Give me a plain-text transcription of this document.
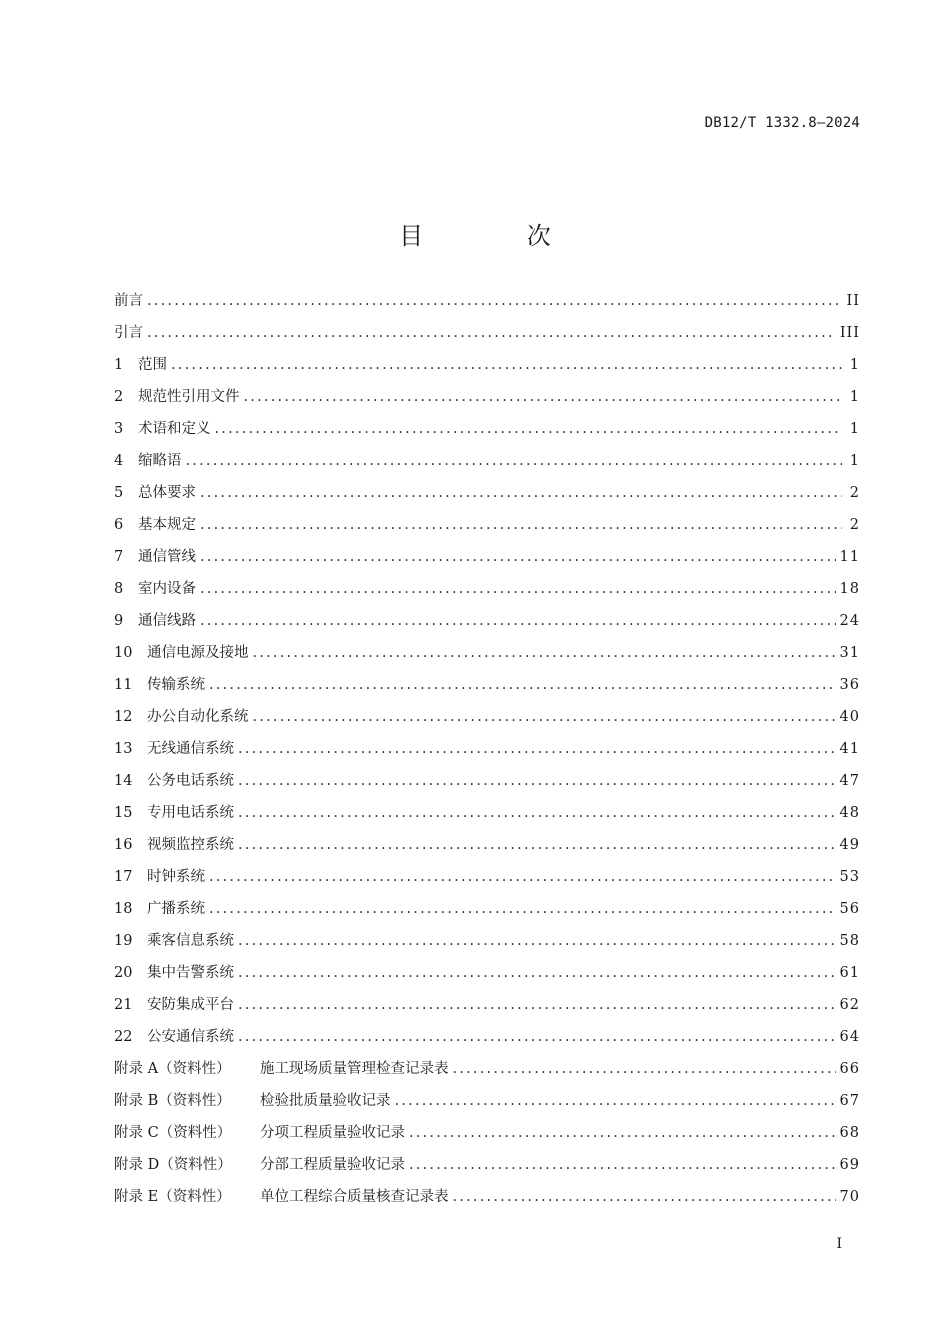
DB12/T 1332.8—2024
目 次
前言 .....	II
引言 .....	III
1	范围 .....	1
2	规范性引用文件 .....	1
3	术语和定义 .....	1
4	缩略语 .....	1
5	总体要求 .....	2
6	基本规定 .....	2
7	通信管线 .....	11
8	室内设备 .....	18
9	通信线路 .....	24
10	通信电源及接地 .....	31
11	传输系统 .....	36
12	办公自动化系统 .....	40
13	无线通信系统 .....	41
14	公务电话系统 .....	47
15	专用电话系统 .....	48
16	视频监控系统 .....	49
17	时钟系统 .....	53
18	广播系统 .....	56
19	乘客信息系统 .....	58
20	集中告警系统 .....	61
21	安防集成平台 .....	62
22	公安通信系统 .....	64
附录 A（资料性）	施工现场质量管理检查记录表 .....	66
附录 B（资料性）	检验批质量验收记录 .....	67
附录 C（资料性）	分项工程质量验收记录 .....	68
附录 D（资料性）	分部工程质量验收记录 .....	69
附录 E（资料性）	单位工程综合质量核查记录表 .....	70
I
